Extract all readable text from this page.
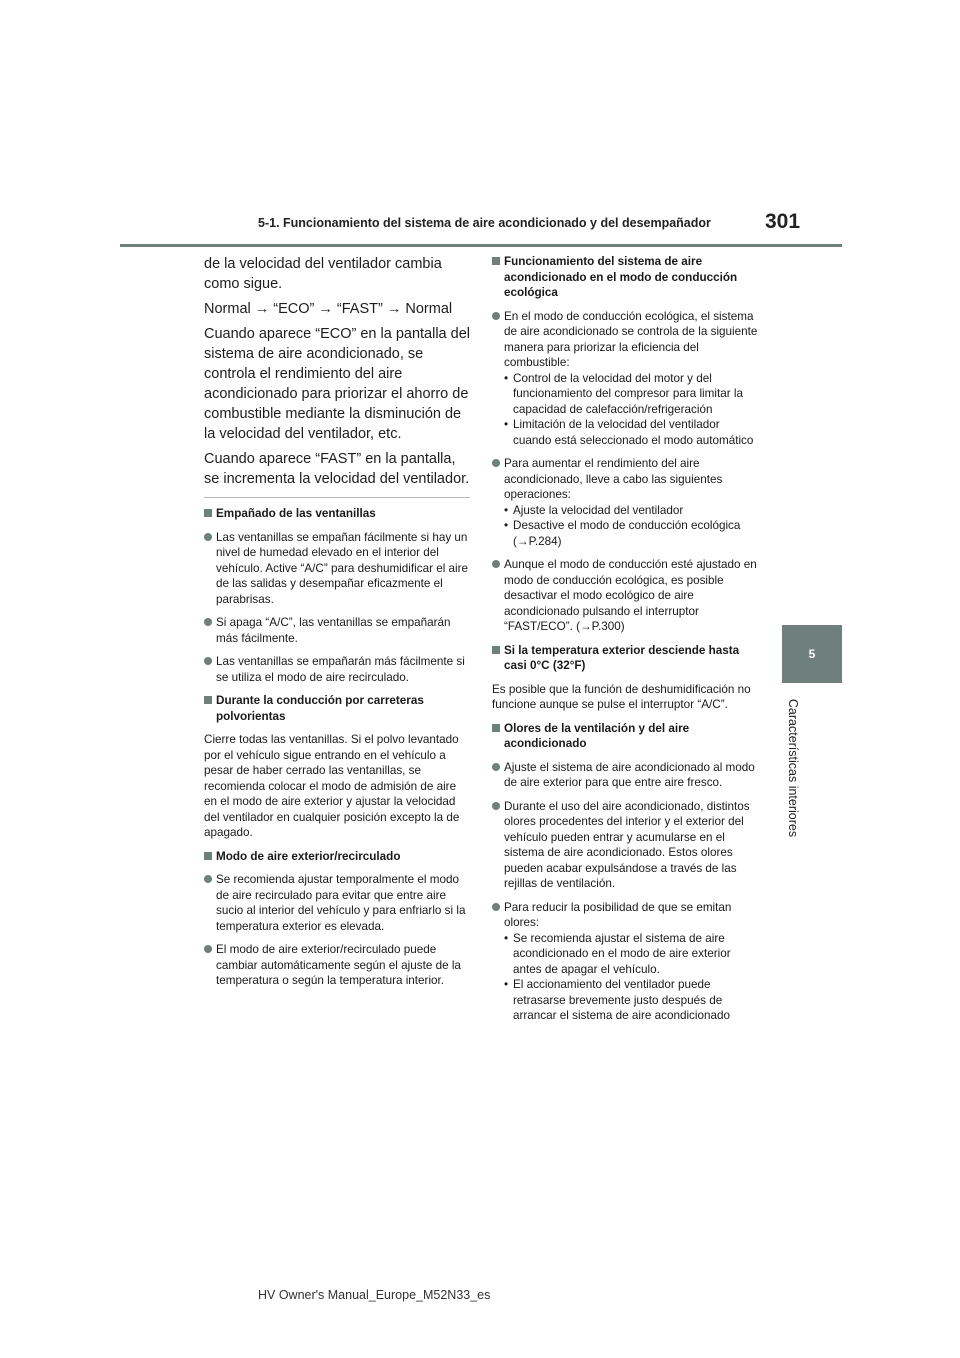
5-1. Funcionamiento del sistema de aire acondicionado y del desempañador	301
5
Características interiores

de la velocidad del ventilador cambia como sigue.

Normal → “ECO” → “FAST” → Normal

Cuando aparece “ECO” en la pantalla del sistema de aire acondicionado, se controla el rendimiento del aire acondicionado para priorizar el ahorro de combustible mediante la disminución de la velocidad del ventilador, etc.

Cuando aparece “FAST” en la pantalla, se incrementa la velocidad del ventilador.

Empañado de las ventanillas
Las ventanillas se empañan fácilmente si hay un nivel de humedad elevado en el interior del vehículo. Active “A/C” para deshumidificar el aire de las salidas y desempañar eficazmente el parabrisas.
Si apaga “A/C”, las ventanillas se empañarán más fácilmente.
Las ventanillas se empañarán más fácilmente si se utiliza el modo de aire recirculado.
Durante la conducción por carreteras polvorientas
Cierre todas las ventanillas. Si el polvo levantado por el vehículo sigue entrando en el vehículo a pesar de haber cerrado las ventanillas, se recomienda colocar el modo de admisión de aire en el modo de aire exterior y ajustar la velocidad del ventilador en cualquier posición excepto la de apagado.
Modo de aire exterior/recirculado
Se recomienda ajustar temporalmente el modo de aire recirculado para evitar que entre aire sucio al interior del vehículo y para enfriarlo si la temperatura exterior es elevada.
El modo de aire exterior/recirculado puede cambiar automáticamente según el ajuste de la temperatura o según la temperatura interior.
Funcionamiento del sistema de aire acondicionado en el modo de conducción ecológica
En el modo de conducción ecológica, el sistema de aire acondicionado se controla de la siguiente manera para priorizar la eficiencia del combustible:
• Control de la velocidad del motor y del funcionamiento del compresor para limitar la capacidad de calefacción/refrigeración
• Limitación de la velocidad del ventilador cuando está seleccionado el modo automático
Para aumentar el rendimiento del aire acondicionado, lleve a cabo las siguientes operaciones:
• Ajuste la velocidad del ventilador
• Desactive el modo de conducción ecológica (→P.284)
Aunque el modo de conducción esté ajustado en modo de conducción ecológica, es posible desactivar el modo ecológico de aire acondicionado pulsando el interruptor “FAST/ECO”. (→P.300)
Si la temperatura exterior desciende hasta casi 0°C (32°F)
Es posible que la función de deshumidificación no funcione aunque se pulse el interruptor “A/C”.
Olores de la ventilación y del aire acondicionado
Ajuste el sistema de aire acondicionado al modo de aire exterior para que entre aire fresco.
Durante el uso del aire acondicionado, distintos olores procedentes del interior y el exterior del vehículo pueden entrar y acumularse en el sistema de aire acondicionado. Estos olores pueden acabar expulsándose a través de las rejillas de ventilación.
Para reducir la posibilidad de que se emitan olores:
• Se recomienda ajustar el sistema de aire acondicionado en el modo de aire exterior antes de apagar el vehículo.
• El accionamiento del ventilador puede retrasarse brevemente justo después de arrancar el sistema de aire acondicionado
HV Owner's Manual_Europe_M52N33_es
